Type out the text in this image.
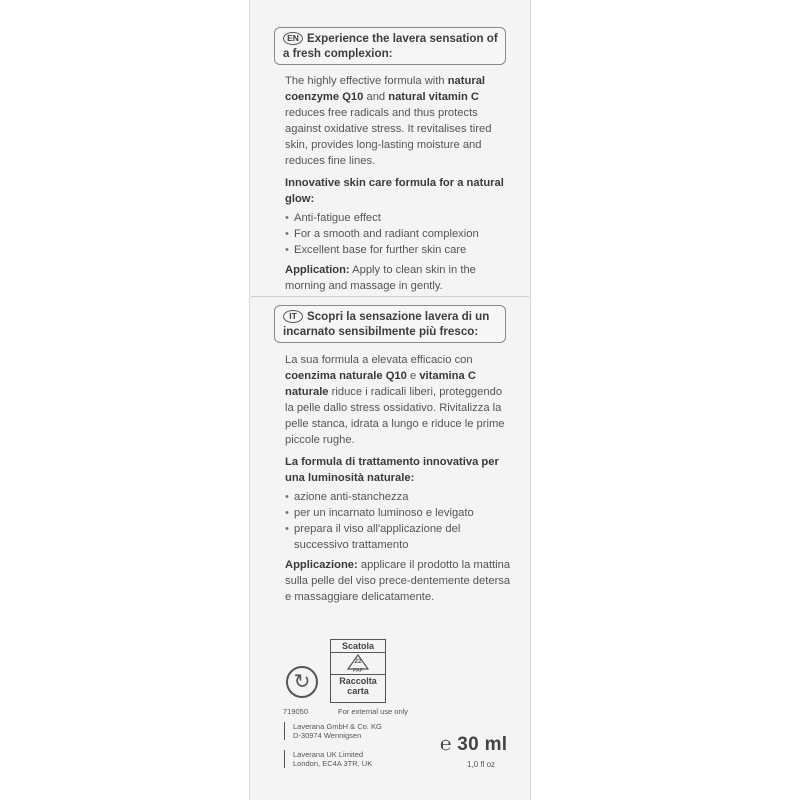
EN Experience the lavera sensation of a fresh complexion:
The highly effective formula with natural coenzyme Q10 and natural vitamin C reduces free radicals and thus protects against oxidative stress. It revitalises tired skin, provides long-lasting moisture and reduces fine lines.
Innovative skin care formula for a natural glow:
• Anti-fatigue effect
• For a smooth and radiant complexion
• Excellent base for further skin care
Application: Apply to clean skin in the morning and massage in gently.
IT Scopri la sensazione lavera di un incarnato sensibilmente più fresco:
La sua formula a elevata efficacio con coenzima naturale Q10 e vitamina C naturale riduce i radicali liberi, proteggendo la pelle dallo stress ossidativo. Rivitalizza la pelle stanca, idrata a lungo e riduce le prime piccole rughe.
La formula di trattamento innovativa per una luminosità naturale:
• azione anti-stanchezza
• per un incarnato luminoso e levigato
• prepara il viso all'applicazione del successivo trattamento
Applicazione: applicare il prodotto la mattina sulla pelle del viso prece-dentemente detersa e massaggiare delicatamente.
↻
Scatola
22
PAP
Raccolta carta
719050	For external use only
Laverana GmbH & Co. KG
D-30974 Wennigsen
Laverana UK Limited
London, EC4A 3TR, UK
℮ 30 ml
1,0 fl oz
